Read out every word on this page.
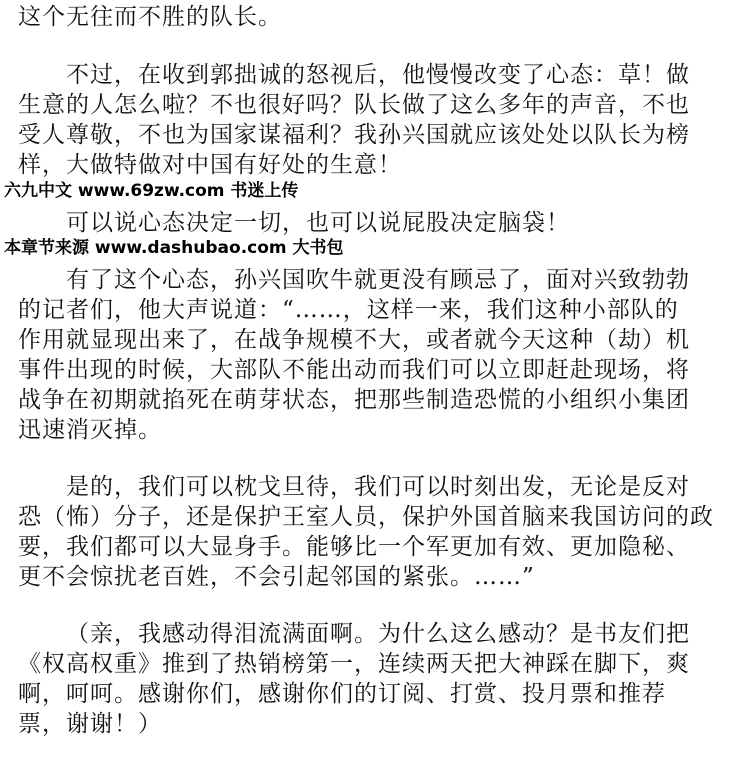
这个无往而不胜的队长。
不过，在收到郭拙诚的怒视后，他慢慢改变了心态：草！做
生意的人怎么啦？不也很好吗？队长做了这么多年的声音，不也
受人尊敬，不也为国家谋福利？我孙兴国就应该处处以队长为榜
样，大做特做对中国有好处的生意！
六九中文 www.69zw.com 书迷上传
可以说心态决定一切，也可以说屁股决定脑袋！
本章节来源 www.dashubao.com 大书包
有了这个心态，孙兴国吹牛就更没有顾忌了，面对兴致勃勃
的记者们，他大声说道：“……，这样一来，我们这种小部队的
作用就显现出来了，在战争规模不大，或者就今天这种（劫）机
事件出现的时候，大部队不能出动而我们可以立即赶赴现场，将
战争在初期就掐死在萌芽状态，把那些制造恐慌的小组织小集团
迅速消灭掉。
是的，我们可以枕戈旦待，我们可以时刻出发，无论是反对
恐（怖）分子，还是保护王室人员，保护外国首脑来我国访问的政
要，我们都可以大显身手。能够比一个军更加有效、更加隐秘、
更不会惊扰老百姓，不会引起邻国的紧张。……”
（亲，我感动得泪流满面啊。为什么这么感动？是书友们把
《权高权重》推到了热销榜第一，连续两天把大神踩在脚下，爽
啊，呵呵。感谢你们，感谢你们的订阅、打赏、投月票和推荐
票，谢谢！）
